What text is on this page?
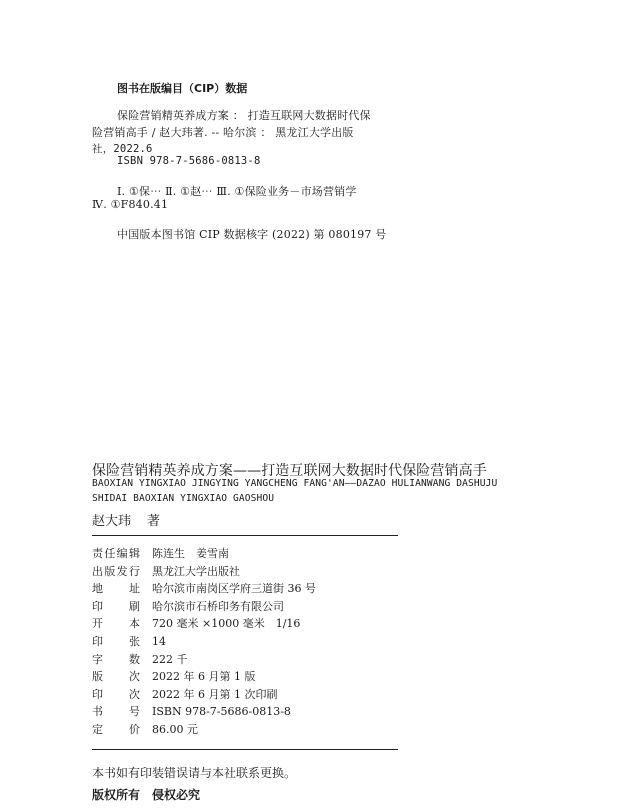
图书在版编目（CIP）数据
保险营销精英养成方案 ： 打造互联网大数据时代保
险营销高手 / 赵大玮著. -- 哈尔滨 ： 黑龙江大学出版
社，2022.6
ISBN 978-7-5686-0813-8
Ⅰ. ①保⋯ Ⅱ. ①赵⋯ Ⅲ. ①保险业务－市场营销学
Ⅳ. ①F840.41
中国版本图书馆 CIP 数据核字 (2022) 第 080197 号
保险营销精英养成方案——打造互联网大数据时代保险营销高手
BAOXIAN YINGXIAO JINGYING YANGCHENG FANG'AN——DAZAO HULIANWANG DASHUJU
SHIDAI BAOXIAN YINGXIAO GAOSHOU
赵大玮 著
责 任 编 辑 陈连生　姜雪南
出 版 发 行 黑龙江大学出版社
地 址 哈尔滨市南岗区学府三道街 36 号
印 刷 哈尔滨市石桥印务有限公司
开 本 720 毫米 ×1000 毫米　1/16
印 张 14
字 数 222 千
版 次 2022 年 6 月第 1 版
印 次 2022 年 6 月第 1 次印刷
书 号 ISBN 978-7-5686-0813-8
定 价 86.00 元
本书如有印装错误请与本社联系更换。
版权所有　侵权必究
